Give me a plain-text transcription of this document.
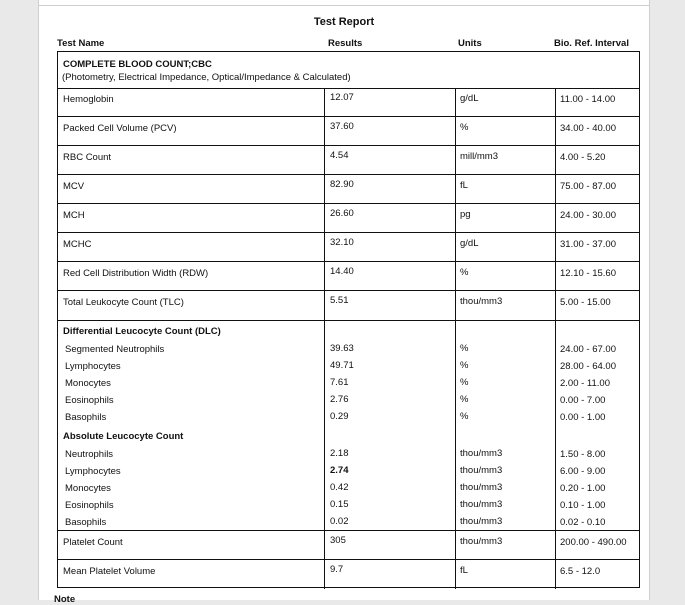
Test Report
Test Name	Results	Units	Bio. Ref. Interval
COMPLETE BLOOD COUNT;CBC
(Photometry, Electrical Impedance, Optical/Impedance & Calculated)
Hemoglobin	12.07	g/dL	11.00 - 14.00
Packed Cell Volume (PCV)	37.60	%	34.00 - 40.00
RBC Count	4.54	mill/mm3	4.00 - 5.20
MCV	82.90	fL	75.00 - 87.00
MCH	26.60	pg	24.00 - 30.00
MCHC	32.10	g/dL	31.00 - 37.00
Red Cell Distribution Width (RDW)	14.40	%	12.10 - 15.60
Total Leukocyte Count (TLC)	5.51	thou/mm3	5.00 - 15.00
Differential Leucocyte Count (DLC)
Segmented Neutrophils	39.63	%	24.00 - 67.00
Lymphocytes	49.71	%	28.00 - 64.00
Monocytes	7.61	%	2.00 - 11.00
Eosinophils	2.76	%	0.00 - 7.00
Basophils	0.29	%	0.00 - 1.00
Absolute Leucocyte Count
Neutrophils	2.18	thou/mm3	1.50 - 8.00
Lymphocytes	2.74	thou/mm3	6.00 - 9.00
Monocytes	0.42	thou/mm3	0.20 - 1.00
Eosinophils	0.15	thou/mm3	0.10 - 1.00
Basophils	0.02	thou/mm3	0.02 - 0.10
Platelet Count	305	thou/mm3	200.00 - 490.00
Mean Platelet Volume	9.7	fL	6.5 - 12.0
Note
